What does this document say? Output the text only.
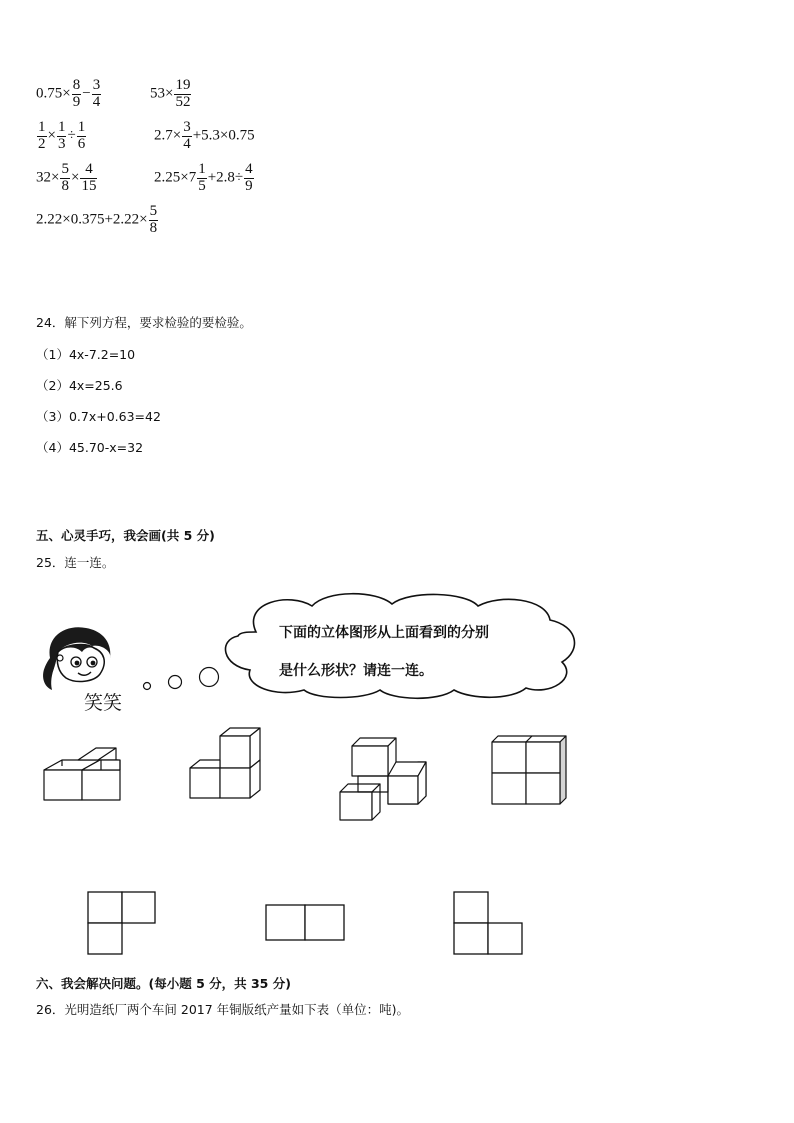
$0.75\times \frac{8}{9} - \frac{3}{4}$	$53\times \frac{19}{52}$
$\frac{1}{2} \times \frac{1}{3} \div \frac{1}{6}$	$2.7\times \frac{3}{4} +5.3\times 0.75$
$32\times \frac{5}{8} \times \frac{4}{15}$	$2.25\times 7 \frac{1}{5} +2.8\div \frac{4}{9}$
$2.22\times 0.375+2.22\times \frac{5}{8}$
24．解下列方程，要求检验的要检验。
（1）4x-7.2=10
（2）4x=25.6
（3）0.7x+0.63=42
（4）45.70-x=32
五、心灵手巧，我会画(共 5 分)
25．连一连。
笑笑
下面的立体图形从上面看到的分别
是什么形状？请连一连。
六、我会解决问题。(每小题 5 分，共 35 分)
26．光明造纸厂两个车间 2017 年铜版纸产量如下表（单位：吨)。
